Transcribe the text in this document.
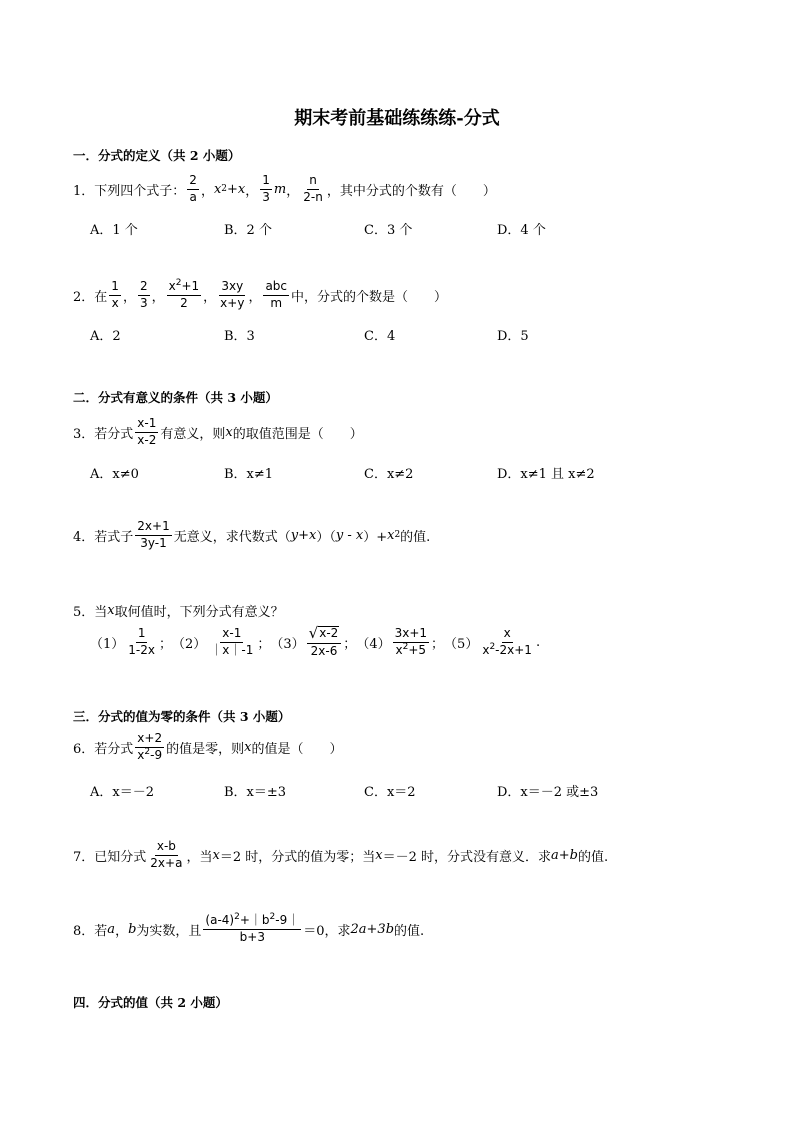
期末考前基础练练练-分式
一．分式的定义（共 2 小题）
1． 下列四个式子： $\frac{2}{a}$ ， x 2 +x ， $\frac{1}{3}$ m ， $\frac{n}{2-n}$ ，其中分式的个数有（　　）
A．1 个	B．2 个	C．3 个	D．4 个
2． 在 $\frac{1}{x}$ ， $\frac{2}{3}$ ， $\frac{x^2+1}{2}$ ， $\frac{3xy}{x+y}$ ， $\frac{\text{abc}}{m}$ 中，分式的个数是（　　）
A．2	B．3	C．4	D．5
二．分式有意义的条件（共 3 小题）
3． 若分式 $\frac{x-1}{x-2}$ 有意义，则 x 的取值范围是（　　）
A．x≠0	B．x≠1	C．x≠2	D．x≠1 且 x≠2
4． 若式子 $\frac{2x+1}{3y-1}$ 无意义，求代数式（ y+x ）（ y - x ）+ x 2 的值.
5． 当 x 取何值时，下列分式有意义？
$(1) \frac{1}{1-2x}$ ； $(2) \frac{x-1}{|x|-1}$ ； $(3) \frac{√ x-2}{2x-6}$ ； $(4) \frac{3x+1}{x^2+5}$ ； $(5) \frac{x}{x^2-2x+1}$ .
三．分式的值为零的条件（共 3 小题）
6． 若分式 $\frac{x+2}{x^2-9}$ 的值是零，则 x 的值是（　　）
A．x＝－2	B．x＝±3	C．x＝2	D．x＝－2 或±3
7． 已知分式 $\frac{x-b}{2x+a}$ ，当 x ＝2 时，分式的值为零；当 x ＝－2 时，分式没有意义．求 a+b 的值.
8． 若 a ， b 为实数，且 $\frac{(a-4)^2+|b^2-9|}{b+3} =0$，求 2a+3b 的值.
四．分式的值（共 2 小题）
